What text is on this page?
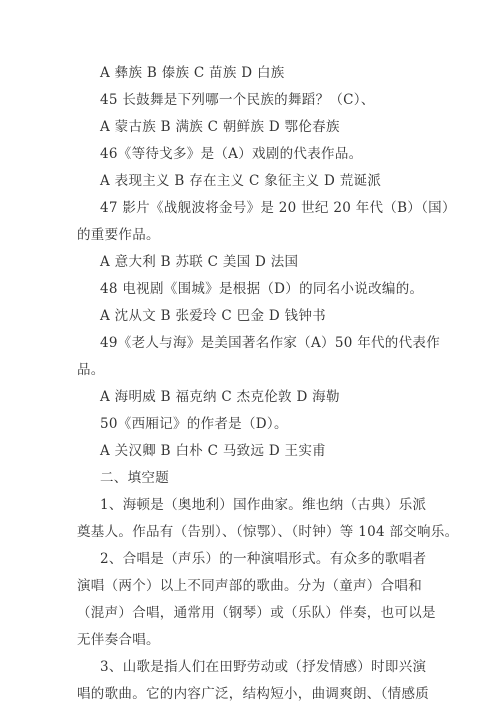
A 彝族 B 傣族 C 苗族 D 白族
45 长鼓舞是下列哪一个民族的舞蹈？（C）、
A 蒙古族 B 满族 C 朝鲜族 D 鄂伦春族
46《等待戈多》是（A）戏剧的代表作品。
A 表现主义 B 存在主义 C 象征主义 D 荒诞派
47 影片《战舰波将金号》是 20 世纪 20 年代（B）（国）
的重要作品。
A 意大利 B 苏联 C 美国 D 法国
48 电视剧《围城》是根据（D）的同名小说改编的。
A 沈从文 B 张爱玲 C 巴金 D 钱钟书
49《老人与海》是美国著名作家（A）50 年代的代表作
品。
A 海明威 B 福克纳 C 杰克伦敦 D 海勒
50《西厢记》的作者是（D）。
A 关汉卿 B 白朴 C 马致远 D 王实甫
二、填空题
1、海顿是（奥地利）国作曲家。维也纳（古典）乐派
奠基人。作品有（告别）、（惊鄂）、（时钟）等 104 部交响乐。
2、合唱是（声乐）的一种演唱形式。有众多的歌唱者
演唱（两个）以上不同声部的歌曲。分为（童声）合唱和
（混声）合唱，通常用（钢琴）或（乐队）伴奏，也可以是
无伴奏合唱。
3、山歌是指人们在田野劳动或（抒发情感）时即兴演
唱的歌曲。它的内容广泛，结构短小，曲调爽朗、（情感质
